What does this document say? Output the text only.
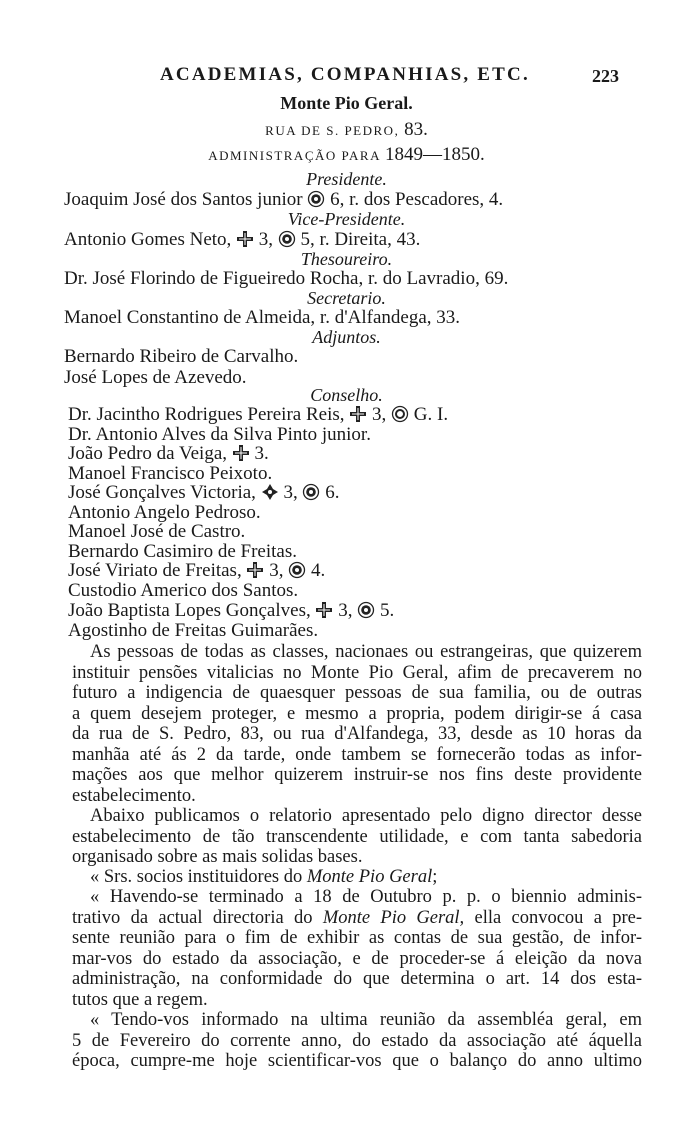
ACADEMIAS, COMPANHIAS, ETC.	223
Monte Pio Geral.
RUA DE S. PEDRO, 83.
ADMINISTRAÇÃO PARA 1849—1850.
Presidente.
Joaquim José dos Santos junior 6, r. dos Pescadores, 4.
Vice-Presidente.
Antonio Gomes Neto, 3, 5, r. Direita, 43.
Thesoureiro.
Dr. José Florindo de Figueiredo Rocha, r. do Lavradio, 69.
Secretario.
Manoel Constantino de Almeida, r. d'Alfandega, 33.
Adjuntos.
Bernardo Ribeiro de Carvalho.
José Lopes de Azevedo.
Conselho.
Dr. Jacintho Rodrigues Pereira Reis, 3, G. I.
Dr. Antonio Alves da Silva Pinto junior.
João Pedro da Veiga, 3.
Manoel Francisco Peixoto.
José Gonçalves Victoria, 3, 6.
Antonio Angelo Pedroso.
Manoel José de Castro.
Bernardo Casimiro de Freitas.
José Viriato de Freitas, 3, 4.
Custodio Americo dos Santos.
João Baptista Lopes Gonçalves, 3, 5.
Agostinho de Freitas Guimarães.
As pessoas de todas as classes, nacionaes ou estrangeiras, que quizerem
instituir pensões vitalicias no Monte Pio Geral, afim de precaverem no
futuro a indigencia de quaesquer pessoas de sua familia, ou de outras
a quem desejem proteger, e mesmo a propria, podem dirigir-se á casa
da rua de S. Pedro, 83, ou rua d'Alfandega, 33, desde as 10 horas da
manhãa até ás 2 da tarde, onde tambem se fornecerão todas as infor-
mações aos que melhor quizerem instruir-se nos fins deste providente
estabelecimento.
Abaixo publicamos o relatorio apresentado pelo digno director desse
estabelecimento de tão transcendente utilidade, e com tanta sabedoria
organisado sobre as mais solidas bases.
« Srs. socios instituidores do Monte Pio Geral;
« Havendo-se terminado a 18 de Outubro p. p. o biennio adminis-
trativo da actual directoria do Monte Pio Geral, ella convocou a pre-
sente reunião para o fim de exhibir as contas de sua gestão, de infor-
mar-vos do estado da associação, e de proceder-se á eleição da nova
administração, na conformidade do que determina o art. 14 dos esta-
tutos que a regem.
« Tendo-vos informado na ultima reunião da assembléa geral, em
5 de Fevereiro do corrente anno, do estado da associação até áquella
época, cumpre-me hoje scientificar-vos que o balanço do anno ultimo
